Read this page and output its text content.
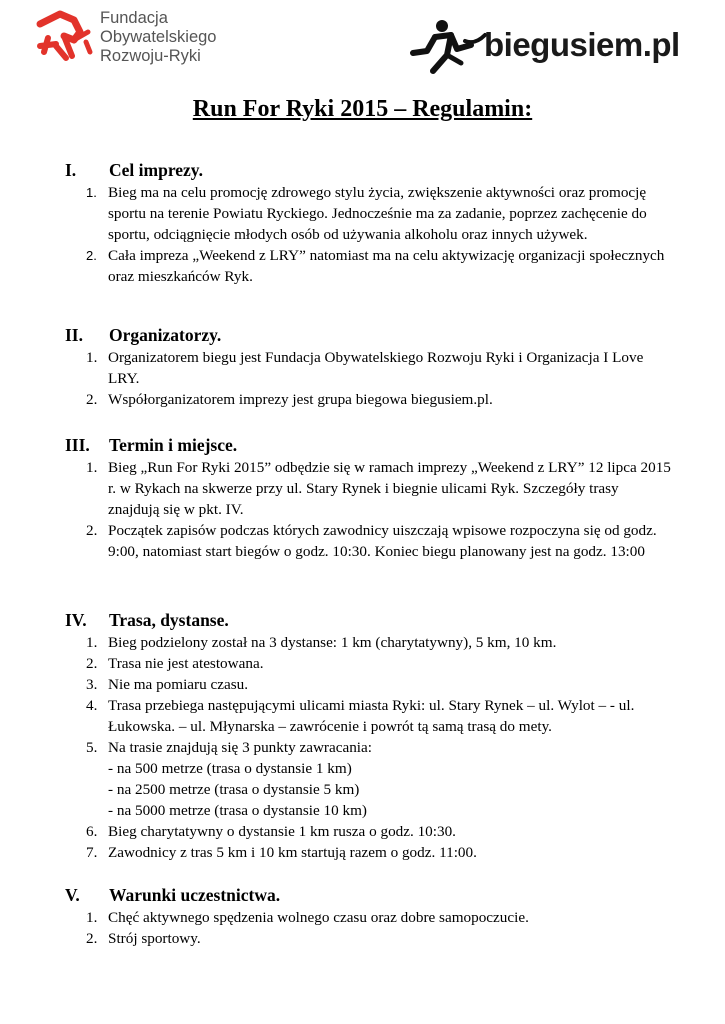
Fundacja
Obywatelskiego
Rozwoju-Ryki	biegusiem.pl
Run For Ryki 2015 – Regulamin:
I. Cel imprezy.
1. Bieg ma na celu promocję zdrowego stylu życia, zwiększenie aktywności oraz promocję sportu na terenie Powiatu Ryckiego. Jednocześnie ma za zadanie, poprzez zachęcenie do sportu, odciągnięcie młodych osób od używania alkoholu oraz innych używek.
2. Cała impreza „Weekend z LRY” natomiast ma na celu aktywizację organizacji społecznych oraz mieszkańców Ryk.
II. Organizatorzy.
1. Organizatorem biegu jest Fundacja Obywatelskiego Rozwoju Ryki i Organizacja I Love LRY.
2. Współorganizatorem imprezy jest grupa biegowa biegusiem.pl.
III. Termin i miejsce.
1. Bieg „Run For Ryki 2015” odbędzie się w ramach imprezy „Weekend z LRY” 12 lipca 2015 r. w Rykach na skwerze przy ul. Stary Rynek i biegnie ulicami Ryk. Szczegóły trasy znajdują się w pkt. IV.
2. Początek zapisów podczas których zawodnicy uiszczają wpisowe rozpoczyna się od godz. 9:00, natomiast start biegów o godz. 10:30. Koniec biegu planowany jest na godz. 13:00
IV. Trasa, dystanse.
1. Bieg podzielony został na 3 dystanse: 1 km (charytatywny), 5 km, 10 km.
2. Trasa nie jest atestowana.
3. Nie ma pomiaru czasu.
4. Trasa przebiega następującymi ulicami miasta Ryki: ul. Stary Rynek – ul. Wylot – - ul. Łukowska. – ul. Młynarska – zawrócenie i powrót tą samą trasą do mety.
5. Na trasie znajdują się 3 punkty zawracania:
- na 500 metrze (trasa o dystansie 1 km)
- na 2500 metrze (trasa o dystansie 5 km)
- na 5000 metrze (trasa o dystansie 10 km)
6. Bieg charytatywny o dystansie 1 km rusza o godz. 10:30.
7. Zawodnicy z tras 5 km i 10 km startują razem o godz. 11:00.
V. Warunki uczestnictwa.
1. Chęć aktywnego spędzenia wolnego czasu oraz dobre samopoczucie.
2. Strój sportowy.
